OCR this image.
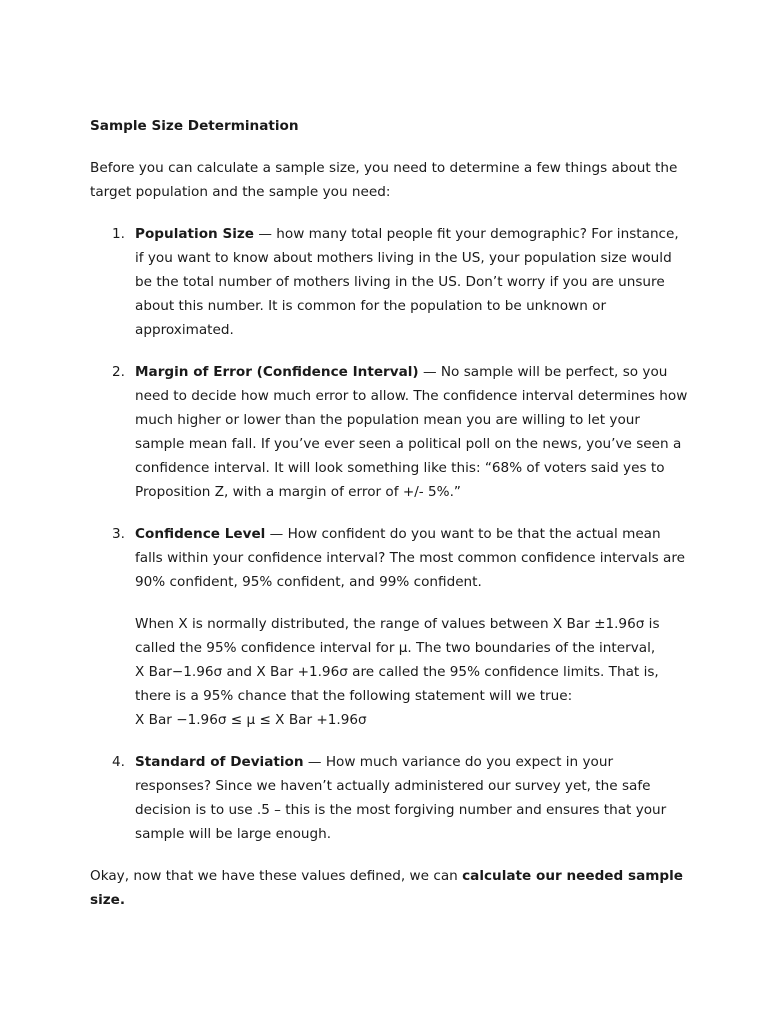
Sample Size Determination

Before you can calculate a sample size, you need to determine a few things about the target population and the sample you need:

1. Population Size — how many total people fit your demographic? For instance, if you want to know about mothers living in the US, your population size would be the total number of mothers living in the US. Don’t worry if you are unsure about this number. It is common for the population to be unknown or approximated.
2. Margin of Error (Confidence Interval) — No sample will be perfect, so you need to decide how much error to allow. The confidence interval determines how much higher or lower than the population mean you are willing to let your sample mean fall. If you’ve ever seen a political poll on the news, you’ve seen a confidence interval. It will look something like this: “68% of voters said yes to Proposition Z, with a margin of error of +/- 5%.”
3. Confidence Level — How confident do you want to be that the actual mean falls within your confidence interval? The most common confidence intervals are 90% confident, 95% confident, and 99% confident.

When X is normally distributed, the range of values between X Bar ±1.96σ is
called the 95% confidence interval for µ. The two boundaries of the interval,
X Bar−1.96σ and X Bar +1.96σ are called the 95% confidence limits. That is,
there is a 95% chance that the following statement will we true:
X Bar −1.96σ ≤ µ ≤ X Bar +1.96σ

4. Standard of Deviation — How much variance do you expect in your responses? Since we haven’t actually administered our survey yet, the safe decision is to use .5 – this is the most forgiving number and ensures that your sample will be large enough.

Okay, now that we have these values defined, we can calculate our needed sample size.
